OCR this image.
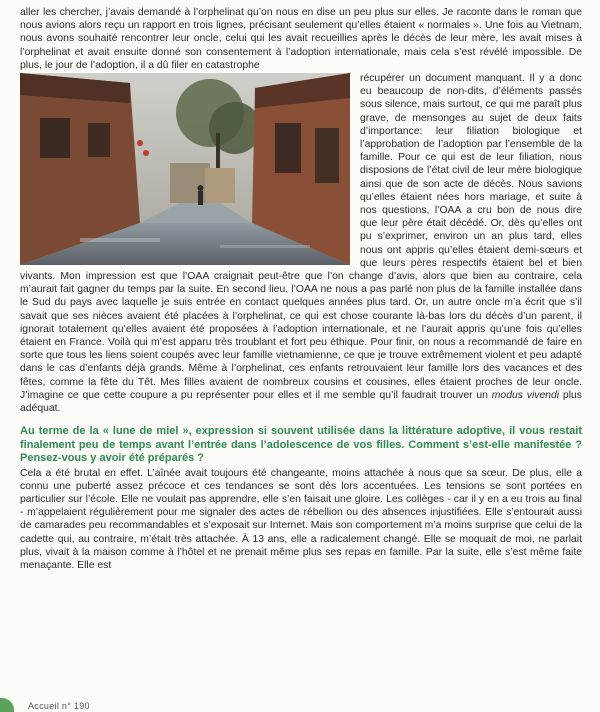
aller les chercher, j’avais demandé à l’orphelinat qu’on nous en dise un peu plus sur elles. Je raconte dans le roman que nous avions alors reçu un rapport en trois lignes, précisant seulement qu’elles étaient « normales ». Une fois au Vietnam, nous avons souhaité rencontrer leur oncle, celui qui les avait recueillies après le décès de leur mère, les avait mises à l’orphelinat et avait ensuite donné son consentement à l’adoption internationale, mais cela s’est révélé impossible. De plus, le jour de l’adoption, il a dû filer en catastrophe

récupérer un document manquant. Il y a donc eu beaucoup de non-dits, d’éléments passés sous silence, mais surtout, ce qui me paraît plus grave, de mensonges au sujet de deux faits d’importance: leur filiation biologique et l’approbation de l’adoption par l’ensemble de la famille. Pour ce qui est de leur filiation, nous disposions de l’état civil de leur mère biologique ainsi que de son acte de décès. Nous savions qu’elles étaient nées hors mariage, et suite à nos questions, l’OAA a cru bon de nous dire que leur père était décédé. Or, dès qu’elles ont pu s’exprimer, environ un an plus tard, elles nous ont appris qu’elles étaient demi-sœurs et que leurs pères respectifs étaient bel et bien vivants. Mon impression est que l’OAA craignait peut-être que l’on change d’avis, alors que bien au contraire, cela m’aurait fait gagner du temps par la suite. En second lieu, l’OAA ne nous a pas parlé non plus de la famille installée dans le Sud du pays avec laquelle je suis entrée en contact quelques années plus tard. Or, un autre oncle m’a écrit que s’il savait que ses nièces avaient été placées à l’orphelinat, ce qui est chose courante là-bas lors du décès d’un parent, il ignorait totalement qu’elles avaient été proposées à l’adoption internationale, et ne l’aurait appris qu’une fois qu’elles étaient en France. Voilà qui m’est apparu très troublant et fort peu éthique. Pour finir, on nous a recommandé de faire en sorte que tous les liens soient coupés avec leur famille vietnamienne, ce que je trouve extrêmement violent et peu adapté dans le cas d’enfants déjà grands. Même à l’orphelinat, ces enfants retrouvaient leur famille lors des vacances et des fêtes, comme la fête du Têt. Mes filles avaient de nombreux cousins et cousines, elles étaient proches de leur oncle. J’imagine ce que cette coupure a pu représenter pour elles et il me semble qu’il faudrait trouver un modus vivendi plus adéquat.

Au terme de la « lune de miel », expression si souvent utilisée dans la littérature adoptive, il vous restait finalement peu de temps avant l’entrée dans l’adolescence de vos filles. Comment s’est-elle manifestée ? Pensez-vous y avoir été préparés ?

Cela a été brutal en effet. L’aînée avait toujours été changeante, moins attachée à nous que sa sœur. De plus, elle a connu une puberté assez précoce et ces tendances se sont dès lors accentuées. Les tensions se sont portées en particulier sur l’école. Elle ne voulait pas apprendre, elle s’en faisait une gloire. Les collèges - car il y en a eu trois au final - m’appelaient régulièrement pour me signaler des actes de rébellion ou des absences injustifiées. Elle s’entourait aussi de camarades peu recommandables et s’exposait sur Internet. Mais son comportement m’a moins surprise que celui de la cadette qui, au contraire, m’était très attachée. À 13 ans, elle a radicalement changé. Elle se moquait de moi, ne parlait plus, vivait à la maison comme à l’hôtel et ne prenait même plus ses repas en famille. Par la suite, elle s’est même faite menaçante. Elle est

Accueil n° 190
